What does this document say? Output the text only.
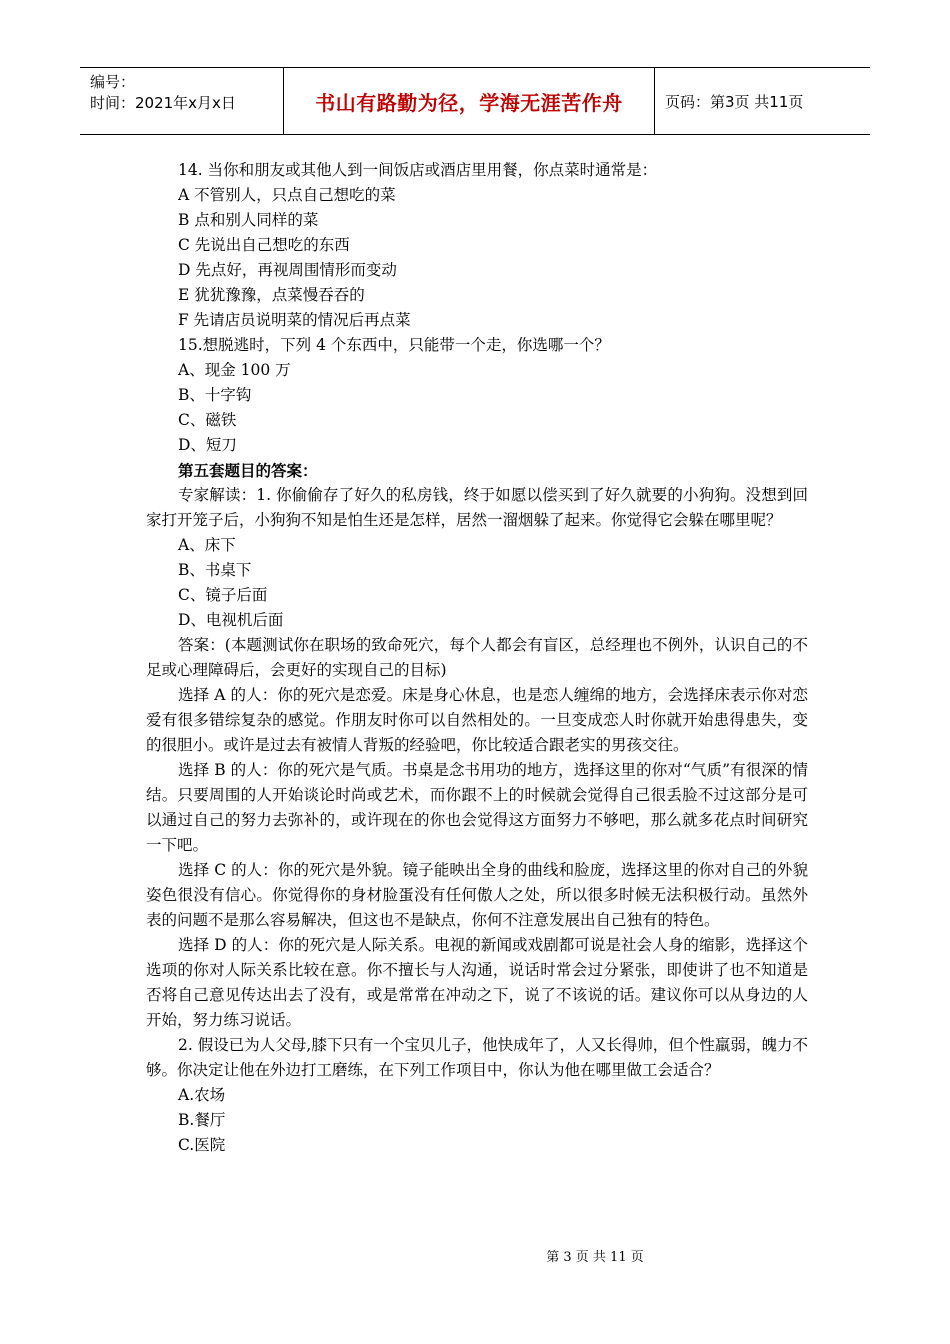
编号：
时间：2021年x月x日	书山有路勤为径，学海无涯苦作舟	页码：第3页 共11页

14. 当你和朋友或其他人到一间饭店或酒店里用餐，你点菜时通常是：

A 不管别人，只点自己想吃的菜

B 点和别人同样的菜

C 先说出自己想吃的东西

D 先点好，再视周围情形而变动

E 犹犹豫豫，点菜慢吞吞的

F 先请店员说明菜的情况后再点菜

15.想脱逃时，下列 4 个东西中，只能带一个走，你选哪一个？

A、现金 100 万

B、十字钩

C、磁铁

D、短刀

第五套题目的答案：

专家解读：1. 你偷偷存了好久的私房钱，终于如愿以偿买到了好久就要的小狗狗。没想到回家打开笼子后，小狗狗不知是怕生还是怎样，居然一溜烟躲了起来。你觉得它会躲在哪里呢？

A、床下

B、书桌下

C、镜子后面

D、电视机后面

答案：(本题测试你在职场的致命死穴，每个人都会有盲区，总经理也不例外，认识自己的不足或心理障碍后，会更好的实现自己的目标)

选择 A 的人：你的死穴是恋爱。床是身心休息，也是恋人缠绵的地方，会选择床表示你对恋爱有很多错综复杂的感觉。作朋友时你可以自然相处的。一旦变成恋人时你就开始患得患失，变的很胆小。或许是过去有被情人背叛的经验吧，你比较适合跟老实的男孩交往。

选择 B 的人：你的死穴是气质。书桌是念书用功的地方，选择这里的你对“气质”有很深的情结。只要周围的人开始谈论时尚或艺术，而你跟不上的时候就会觉得自己很丢脸不过这部分是可以通过自己的努力去弥补的，或许现在的你也会觉得这方面努力不够吧，那么就多花点时间研究一下吧。

选择 C 的人：你的死穴是外貌。镜子能映出全身的曲线和脸庞，选择这里的你对自己的外貌姿色很没有信心。你觉得你的身材脸蛋没有任何傲人之处，所以很多时候无法积极行动。虽然外表的问题不是那么容易解决，但这也不是缺点，你何不注意发展出自己独有的特色。

选择 D 的人：你的死穴是人际关系。电视的新闻或戏剧都可说是社会人身的缩影，选择这个选项的你对人际关系比较在意。你不擅长与人沟通，说话时常会过分紧张，即使讲了也不知道是否将自己意见传达出去了没有，或是常常在冲动之下，说了不该说的话。建议你可以从身边的人开始，努力练习说话。

2. 假设已为人父母,膝下只有一个宝贝儿子，他快成年了，人又长得帅，但个性羸弱，魄力不够。你决定让他在外边打工磨练，在下列工作项目中，你认为他在哪里做工会适合？

A.农场

B.餐厅

C.医院

第 3 页 共 11 页
